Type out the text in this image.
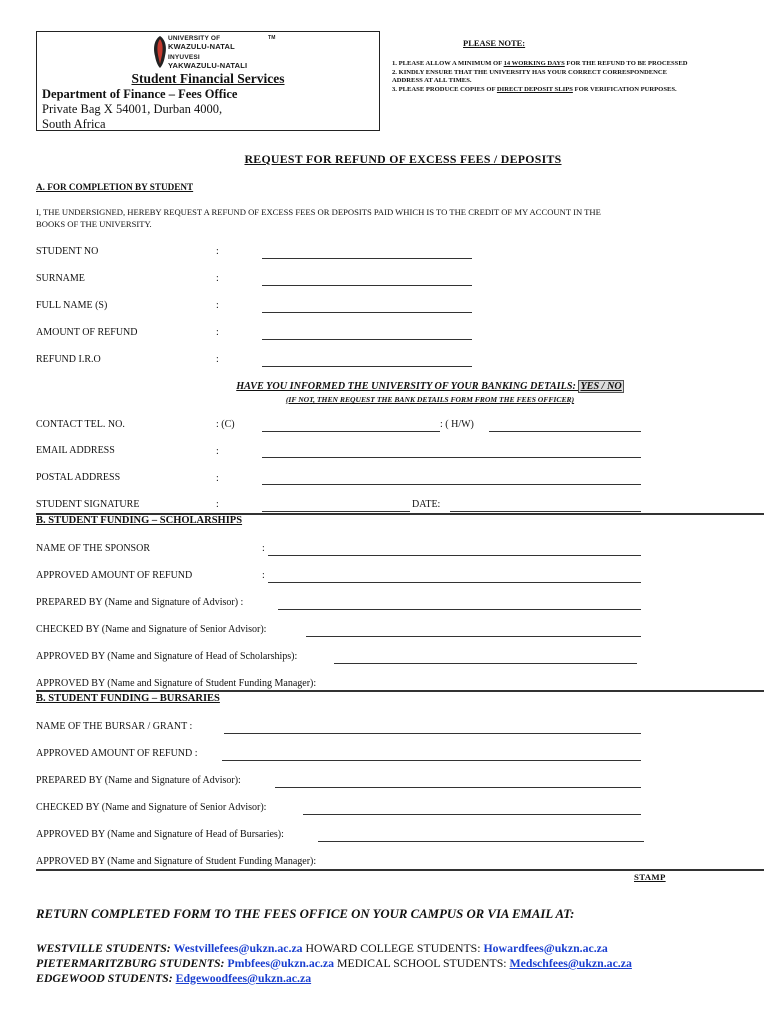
UNIVERSITY OF
KWAZULU-NATAL
INYUVESI
YAKWAZULU-NATALI
TM
Student Financial Services
Department of Finance – Fees Office
Private Bag X 54001, Durban 4000,
South Africa
PLEASE NOTE:
1. PLEASE ALLOW A MINIMUM OF 14 WORKING DAYS FOR THE REFUND TO BE PROCESSED
2. KINDLY ENSURE THAT THE UNIVERSITY HAS YOUR CORRECT CORRESPONDENCE
ADDRESS AT ALL TIMES.
3. PLEASE PRODUCE COPIES OF DIRECT DEPOSIT SLIPS FOR VERIFICATION PURPOSES.
REQUEST FOR REFUND OF EXCESS FEES / DEPOSITS
A. FOR COMPLETION BY STUDENT
I, THE UNDERSIGNED, HEREBY REQUEST A REFUND OF EXCESS FEES OR DEPOSITS PAID WHICH IS TO THE CREDIT OF MY ACCOUNT IN THE
BOOKS OF THE UNIVERSITY.
STUDENT NO	:
SURNAME	:
FULL NAME (S)	:
AMOUNT OF REFUND	:
REFUND I.R.O	:
HAVE YOU INFORMED THE UNIVERSITY OF YOUR BANKING DETAILS: YES / NO
(IF NOT, THEN REQUEST THE BANK DETAILS FORM FROM THE FEES OFFICER)
CONTACT TEL. NO.	: (C)	: ( H/W)
EMAIL ADDRESS	:
POSTAL ADDRESS	:
STUDENT SIGNATURE	:	DATE:
B. STUDENT FUNDING – SCHOLARSHIPS
NAME OF THE SPONSOR	:
APPROVED AMOUNT OF REFUND	:
PREPARED BY (Name and Signature of Advisor) :
CHECKED BY (Name and Signature of Senior Advisor):
APPROVED BY (Name and Signature of Head of Scholarships):
APPROVED BY (Name and Signature of Student Funding Manager):
B. STUDENT FUNDING – BURSARIES
NAME OF THE BURSAR / GRANT :
APPROVED AMOUNT OF REFUND :
PREPARED BY (Name and Signature of Advisor):
CHECKED BY (Name and Signature of Senior Advisor):
APPROVED BY (Name and Signature of Head of Bursaries):
APPROVED BY (Name and Signature of Student Funding Manager):
STAMP
RETURN COMPLETED FORM TO THE FEES OFFICE ON YOUR CAMPUS OR VIA EMAIL AT:
WESTVILLE STUDENTS: Westvillefees@ukzn.ac.za HOWARD COLLEGE STUDENTS: Howardfees@ukzn.ac.za
PIETERMARITZBURG STUDENTS: Pmbfees@ukzn.ac.za MEDICAL SCHOOL STUDENTS: Medschfees@ukzn.ac.za
EDGEWOOD STUDENTS: Edgewoodfees@ukzn.ac.za
